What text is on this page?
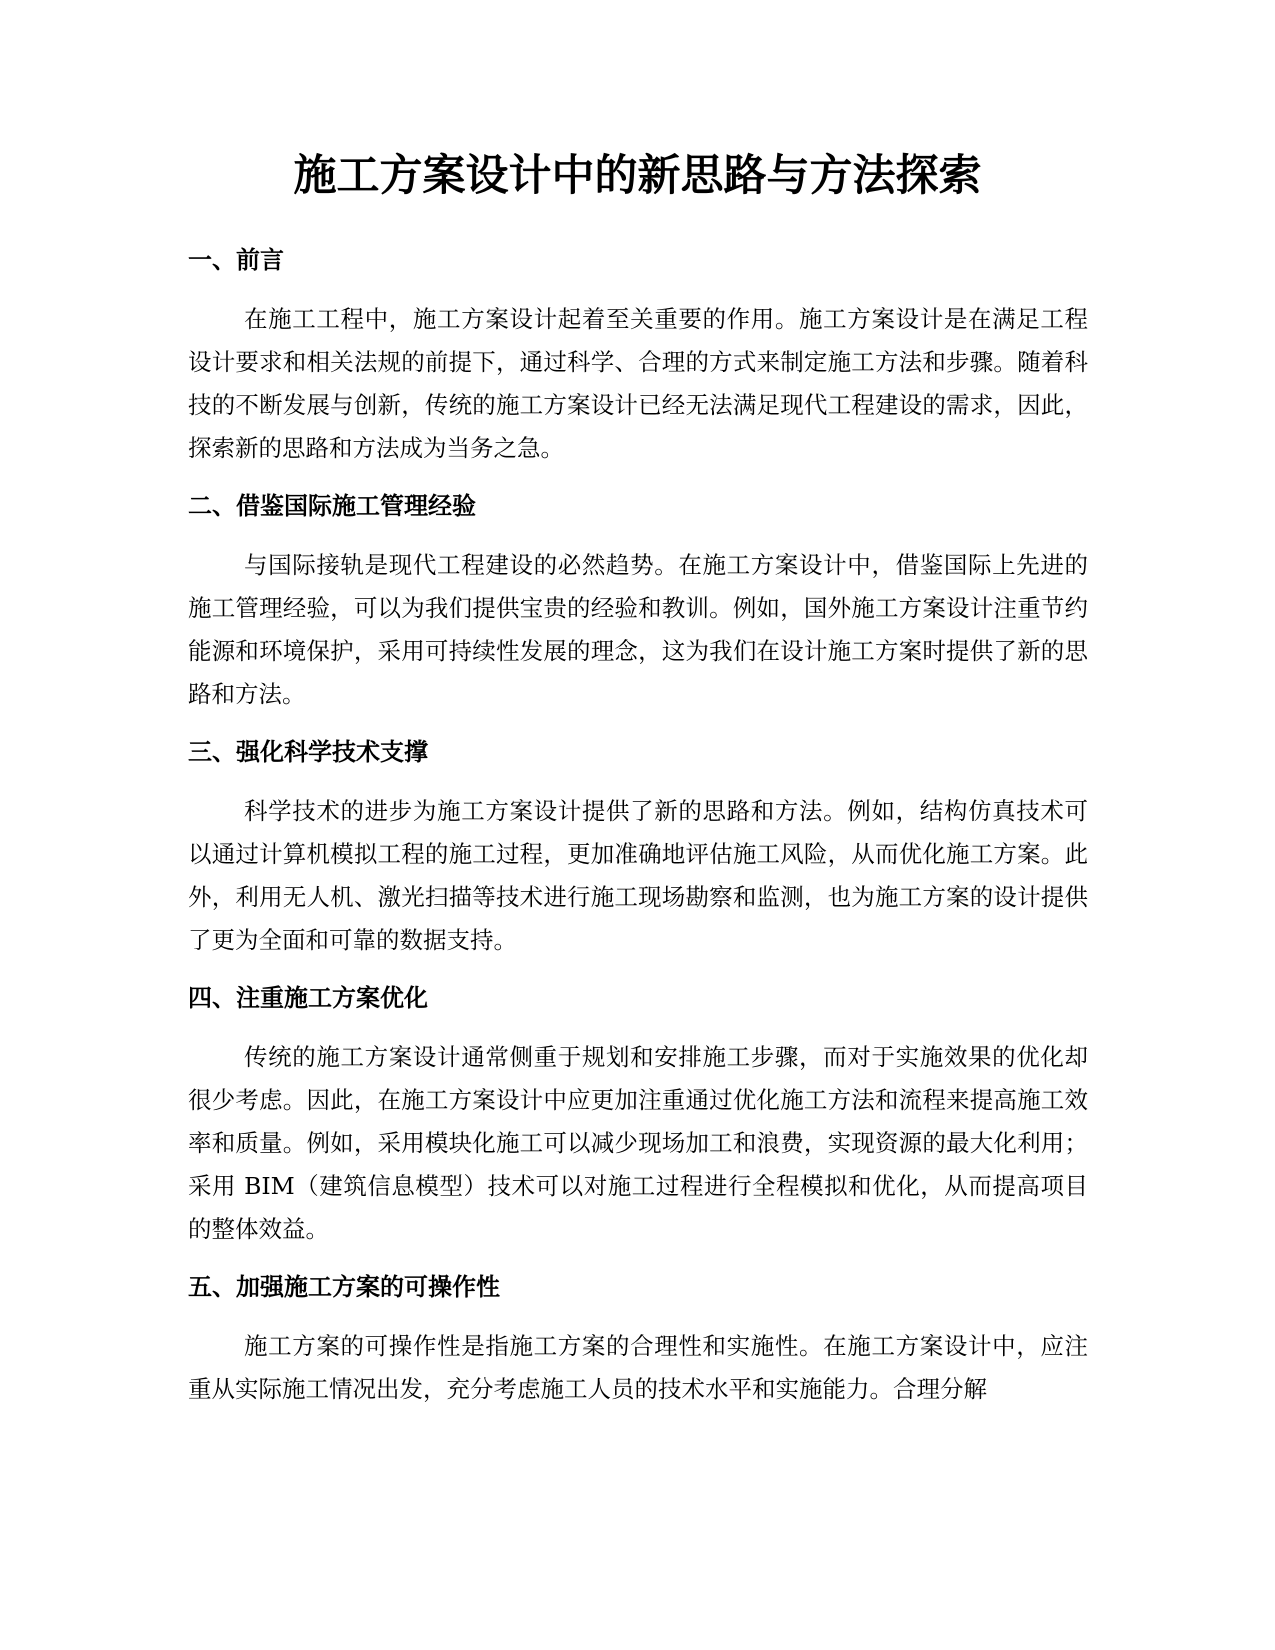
施工方案设计中的新思路与方法探索
一、前言

在施工工程中，施工方案设计起着至关重要的作用。施工方案设计是在满足工程设计要求和相关法规的前提下，通过科学、合理的方式来制定施工方法和步骤。随着科技的不断发展与创新，传统的施工方案设计已经无法满足现代工程建设的需求，因此，探索新的思路和方法成为当务之急。

二、借鉴国际施工管理经验

与国际接轨是现代工程建设的必然趋势。在施工方案设计中，借鉴国际上先进的施工管理经验，可以为我们提供宝贵的经验和教训。例如，国外施工方案设计注重节约能源和环境保护，采用可持续性发展的理念，这为我们在设计施工方案时提供了新的思路和方法。

三、强化科学技术支撑

科学技术的进步为施工方案设计提供了新的思路和方法。例如，结构仿真技术可以通过计算机模拟工程的施工过程，更加准确地评估施工风险，从而优化施工方案。此外，利用无人机、激光扫描等技术进行施工现场勘察和监测，也为施工方案的设计提供了更为全面和可靠的数据支持。

四、注重施工方案优化

传统的施工方案设计通常侧重于规划和安排施工步骤，而对于实施效果的优化却很少考虑。因此，在施工方案设计中应更加注重通过优化施工方法和流程来提高施工效率和质量。例如，采用模块化施工可以减少现场加工和浪费，实现资源的最大化利用；采用 BIM（建筑信息模型）技术可以对施工过程进行全程模拟和优化，从而提高项目的整体效益。

五、加强施工方案的可操作性

施工方案的可操作性是指施工方案的合理性和实施性。在施工方案设计中，应注重从实际施工情况出发，充分考虑施工人员的技术水平和实施能力。合理分解
